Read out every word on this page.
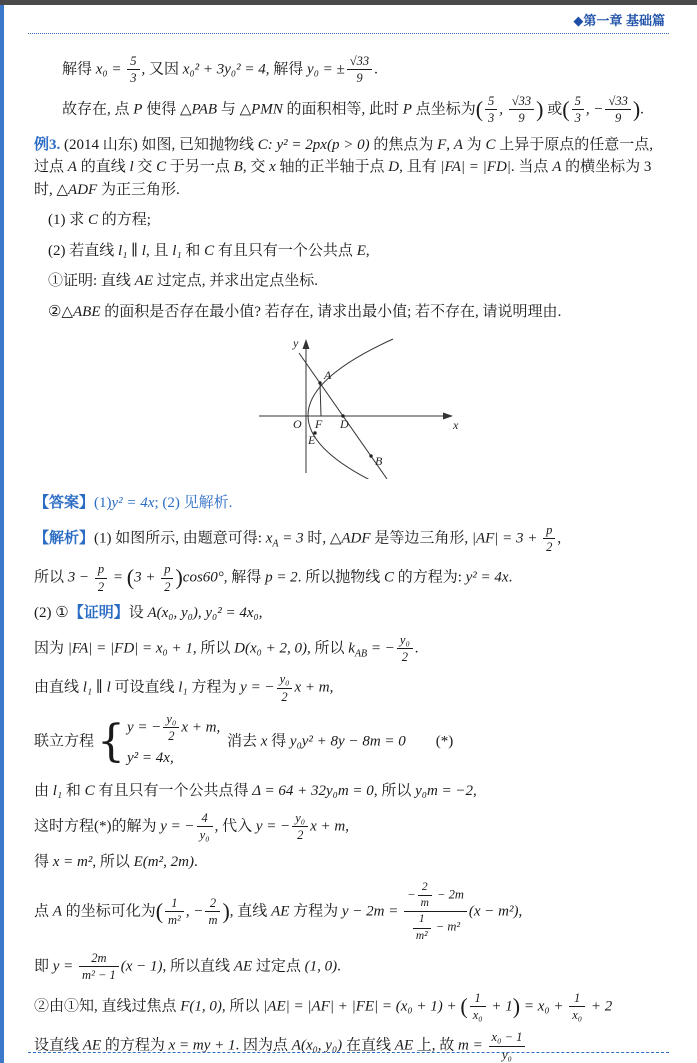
◆第一章 基础篇
解得 $x_0 = \frac{5}{3}$ , 又因 x₀² + 3y₀² = 4, 解得 y₀ = ± $\frac{√33}{9}$ .
故存在, 点 P 使得 △PAB 与 △PMN 的面积相等, 此时 P 点坐标为( $\frac{5}{3}$ , $\frac{√33}{9}$ ) 或( $\frac{5}{3}$ , − $\frac{√33}{9}$ ).
例3. (2014 山东) 如图, 已知抛物线 C: y² = 2px(p > 0) 的焦点为 F, A 为 C 上异于原点的任意一点, 过点 A 的直线 l 交 C 于另一点 B, 交 x 轴的正半轴于点 D, 且有 |FA| = |FD|. 当点 A 的横坐标为 3 时, △ADF 为正三角形.
(1) 求 C 的方程;
(2) 若直线 l₁ ∥ l, 且 l₁ 和 C 有且只有一个公共点 E,
①证明: 直线 AE 过定点, 并求出定点坐标.
②△ABE 的面积是否存在最小值? 若存在, 请求出最小值; 若不存在, 请说明理由.
y
x
O F D
A
E
B
【答案】(1)y² = 4x; (2) 见解析.
【解析】(1) 如图所示, 由题意可得: $x_A = 3$ 时, △ADF 是等边三角形, $|AF| = 3 + \frac{p}{2}$ ,
所以 $3 - \frac{p}{2} = (3 + \frac{p}{2} )\cos 60^\circ$, 解得 p = 2. 所以抛物线 C 的方程为: y² = 4x.
(2) ①【证明】设 A(x₀, y₀), y₀² = 4x₀,
因为 |FA| = |FD| = x₀ + 1, 所以 D(x₀ + 2, 0), 所以 $k_{AB}$ = − $\frac{\text{y₀}}{2}$ .
由直线 l₁ ∥ l 可设直线 l₁ 方程为 y = − $\frac{\text{y₀}}{2}$ x + m,
联立方程 { y = − $\frac{\text{y₀}}{2}$ x + m,
y² = 4x,
消去 x 得 y₀y² + 8y − 8m = 0　　(*)
由 l₁ 和 C 有且只有一个公共点得 Δ = 64 + 32y₀m = 0, 所以 y₀m = −2,
这时方程(*)的解为 y = − $\frac{4}{\text{y₀}}$ , 代入 y = − $\frac{\text{y₀}}{2}$ x + m,
得 x = m², 所以 E(m², 2m).
点 A 的坐标可化为( $\frac{1}{\text{m²}}$ , − $\frac{2}{m}$ ), 直线 AE 方程为 $y - 2m = \frac{- \frac{2}{m} - 2m}{\frac{1}{\text{m²}} - m^2} (x - m^2)$,
即 $y = \frac{2m}{\text{m² − 1}} (x - 1)$, 所以直线 AE 过定点 (1, 0).
②由①知, 直线过焦点 F(1, 0), 所以 |AE| = |AF| + |FE| = (x₀ + 1) + ( $\frac{1}{\text{x₀}} + 1) = x_0 + \frac{1}{\text{x₀}} + 2$
设直线 AE 的方程为 x = my + 1. 因为点 A(x₀, y₀) 在直线 AE 上, 故 $m = \frac{\text{x₀ − 1}}{\text{y₀}}$
